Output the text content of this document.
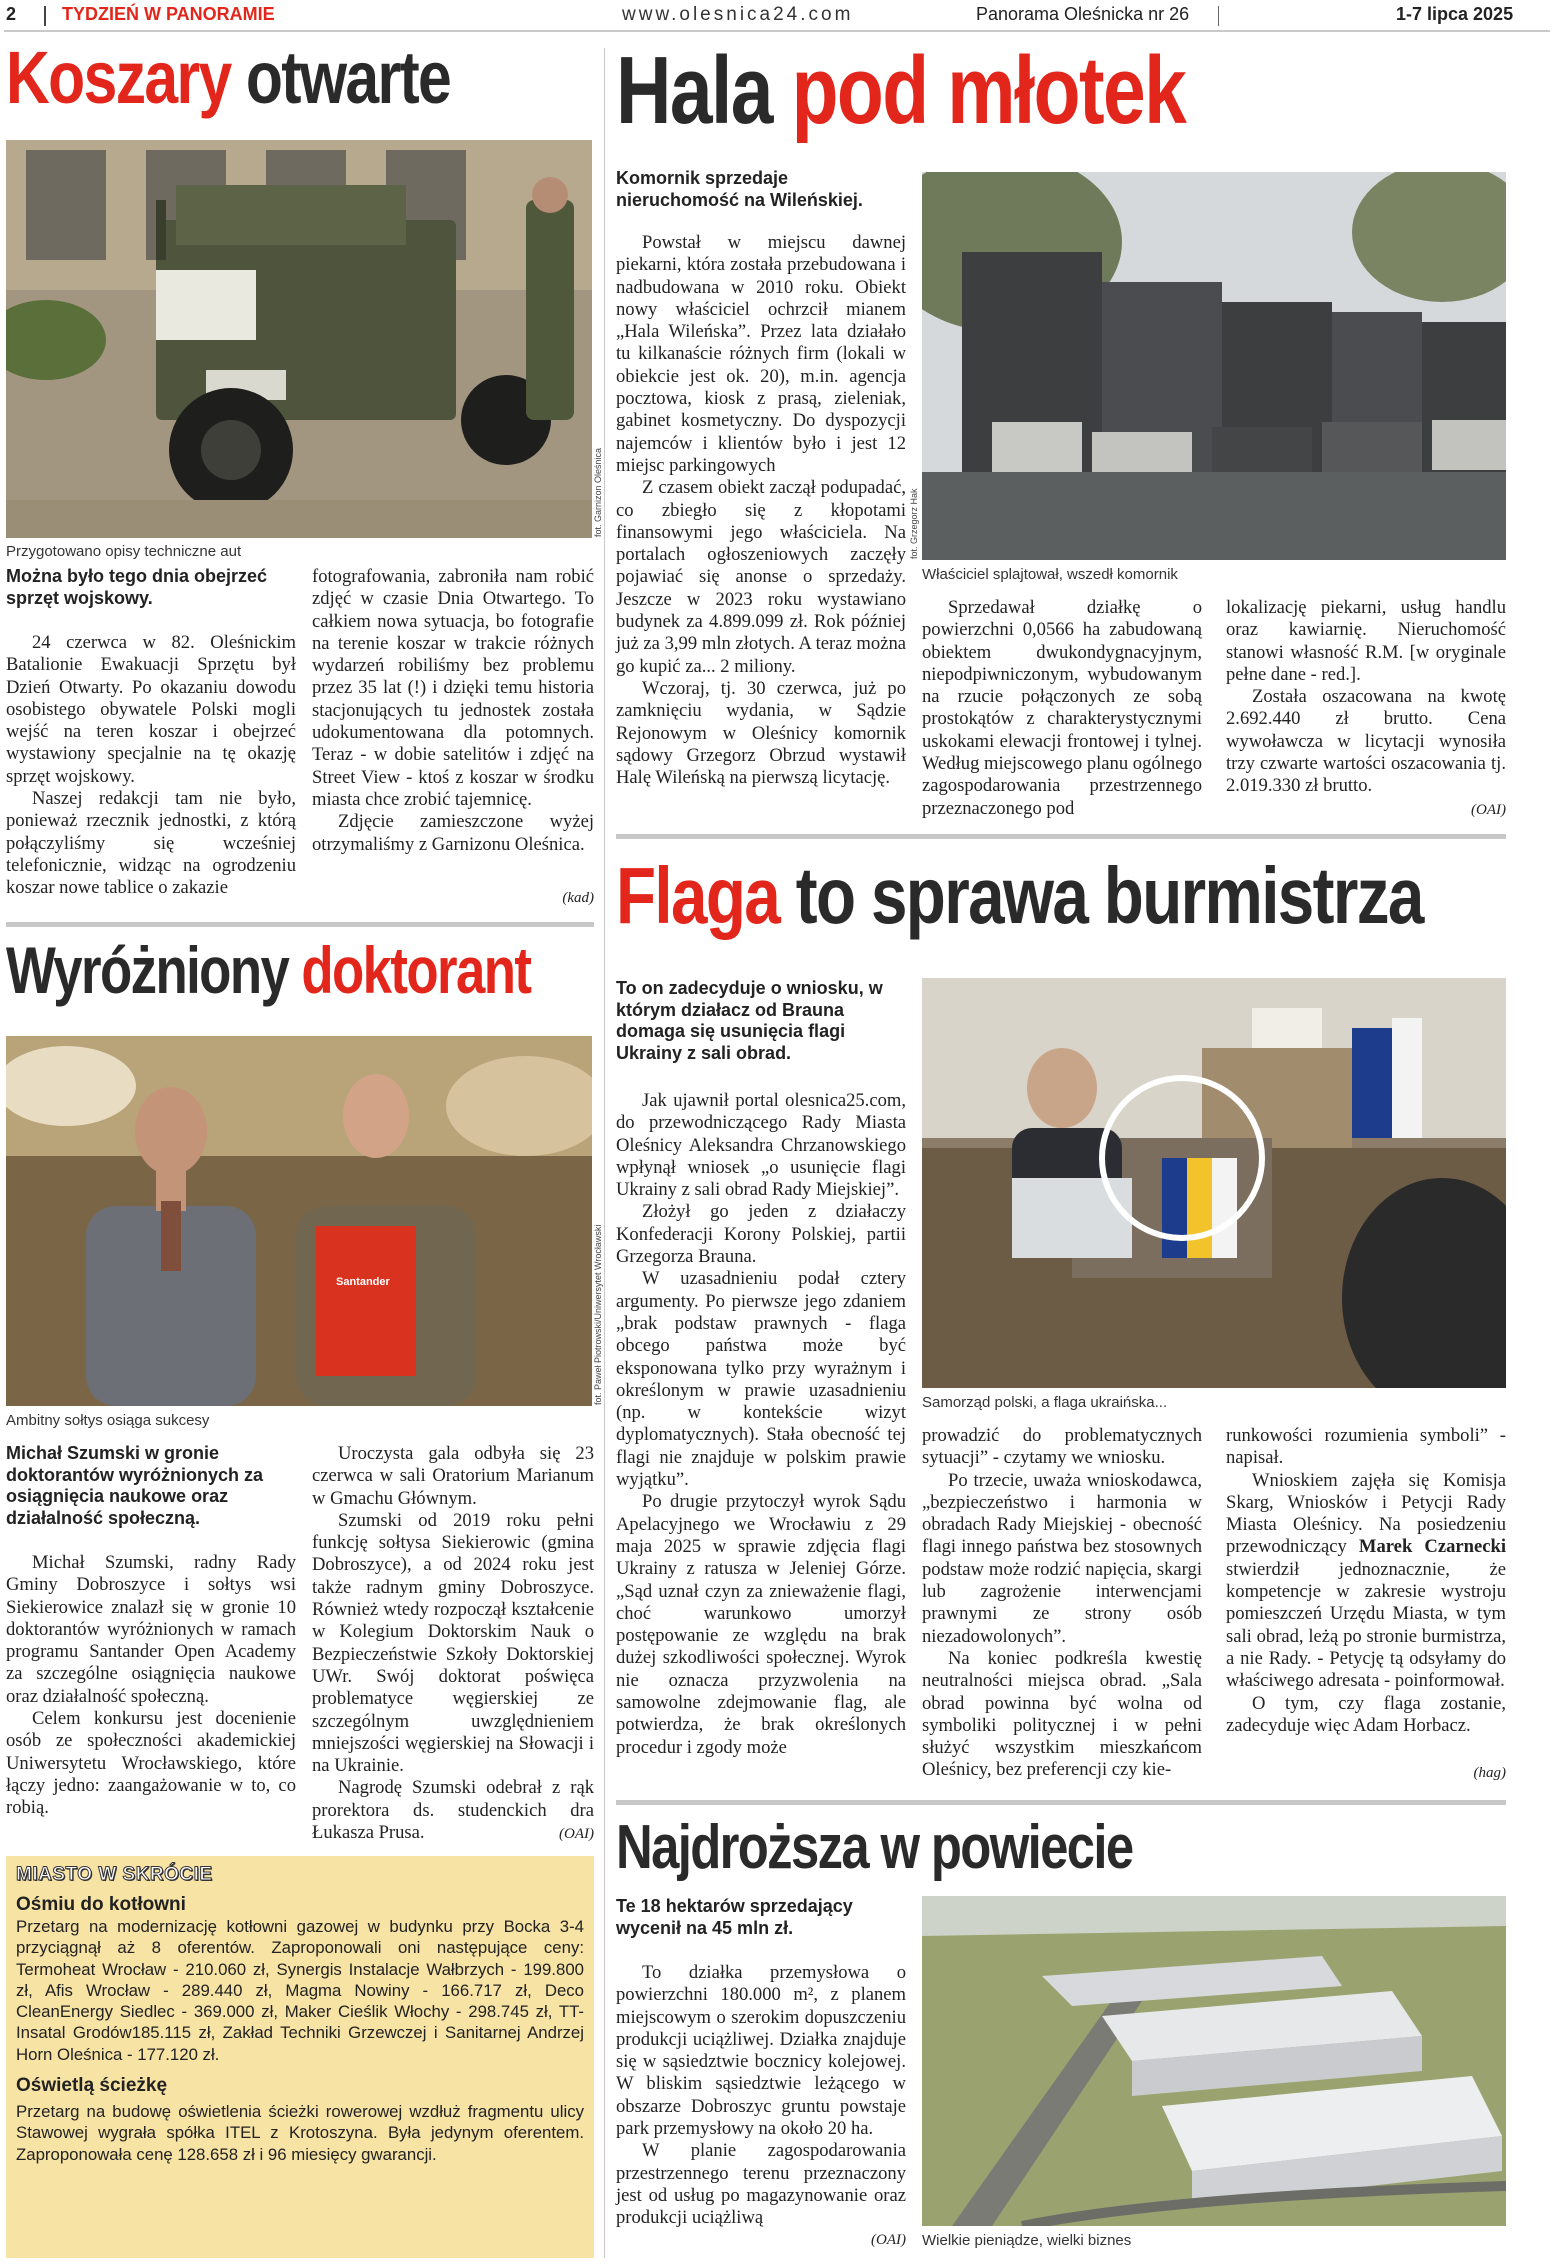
2	TYDZIEŃ W PANORAMIE	www.olesnica24.com	Panorama Oleśnicka nr 26	1-7 lipca 2025
Koszary otwarte
fot. Garnizon Oleśnica
Przygotowano opisy techniczne aut
Można było tego dnia obejrzeć sprzęt wojskowy.

24 czerwca w 82. Oleśnickim Batalionie Ewakuacji Sprzętu był Dzień Otwarty. Po okazaniu dowodu osobistego obywatele Polski mogli wejść na teren koszar i obejrzeć wystawiony specjalnie na tę okazję sprzęt wojskowy.

Naszej redakcji tam nie było, ponieważ rzecznik jednostki, z którą połączyliśmy się wcześniej telefonicznie, widząc na ogrodzeniu koszar nowe tablice o zakazie

fotografowania, zabroniła nam robić zdjęć w czasie Dnia Otwartego. To całkiem nowa sytuacja, bo fotografie na terenie koszar w trakcie różnych wydarzeń robiliśmy bez problemu przez 35 lat (!) i dzięki temu historia stacjonujących tu jednostek została udokumentowana dla potomnych. Teraz - w dobie satelitów i zdjęć na Street View - ktoś z koszar w środku miasta chce zrobić tajemnicę.

Zdjęcie zamieszczone wyżej otrzymaliśmy z Garnizonu Oleśnica.

(kad)
Wyróżniony doktorant
Santander	fot. Paweł Piotrowski/Uniwersytet Wrocławski
Ambitny sołtys osiąga sukcesy
Michał Szumski w gronie doktorantów wyróżnionych za osiągnięcia naukowe oraz działalność społeczną.

Michał Szumski, radny Rady Gminy Dobroszyce i sołtys wsi Siekierowice znalazł się w gronie 10 doktorantów wyróżnionych w ramach programu Santander Open Academy za szczególne osiągnięcia naukowe oraz działalność społeczną.

Celem konkursu jest docenienie osób ze społeczności akademickiej Uniwersytetu Wrocławskiego, które łączy jedno: zaangażowanie w to, co robią.

Uroczysta gala odbyła się 23 czerwca w sali Oratorium Marianum w Gmachu Głównym.

Szumski od 2019 roku pełni funkcję sołtysa Siekierowic (gmina Dobroszyce), a od 2024 roku jest także radnym gminy Dobroszyce. Również wtedy rozpoczął kształcenie w Kolegium Doktorskim Nauk o Bezpieczeństwie Szkoły Doktorskiej UWr. Swój doktorat poświęca problematyce węgierskiej ze szczególnym uwzględnieniem mniejszości węgierskiej na Słowacji i na Ukrainie.

Nagrodę Szumski odebrał z rąk prorektora ds. studenckich dra Łukasza Prusa.	(OAI)
MIASTO W SKRÓCIE
Ośmiu do kotłowni
Przetarg na modernizację kotłowni gazowej w budynku przy Bocka 3-4 przyciągnął aż 8 oferentów. Zaproponowali oni następujące ceny: Termoheat Wrocław - 210.060 zł, Synergis Instalacje Wałbrzych - 199.800 zł, Afis Wrocław - 289.440 zł, Magma Nowiny - 166.717 zł, Deco CleanEnergy Siedlec - 369.000 zł, Maker Cieślik Włochy - 298.745 zł, TT-Insatal Grodów185.115 zł, Zakład Techniki Grzewczej i Sanitarnej Andrzej Horn Oleśnica - 177.120 zł.
Oświetlą ścieżkę
Przetarg na budowę oświetlenia ścieżki rowerowej wzdłuż fragmentu ulicy Stawowej wygrała spółka ITEL z Krotoszyna. Była jedynym oferentem. Zaproponowała cenę 128.658 zł i 96 miesięcy gwarancji.
Hala pod młotek
Komornik sprzedaje nieruchomość na Wileńskiej.

Powstał w miejscu dawnej piekarni, która została przebudowana i nadbudowana w 2010 roku. Obiekt nowy właściciel ochrzcił mianem „Hala Wileńska”. Przez lata działało tu kilkanaście różnych firm (lokali w obiekcie jest ok. 20), m.in. agencja pocztowa, kiosk z prasą, zieleniak, gabinet kosmetyczny. Do dyspozycji najemców i klientów było i jest 12 miejsc parkingowych

Z czasem obiekt zaczął podupadać, co zbiegło się z kłopotami finansowymi jego właściciela. Na portalach ogłoszeniowych zaczęły pojawiać się anonse o sprzedaży. Jeszcze w 2023 roku wystawiano budynek za 4.899.099 zł. Rok później już za 3,99 mln złotych. A teraz można go kupić za... 2 miliony.

Wczoraj, tj. 30 czerwca, już po zamknięciu wydania, w Sądzie Rejonowym w Oleśnicy komornik sądowy Grzegorz Obrzud wystawił Halę Wileńską na pierwszą licytację.

fot. Grzegorz Hak
Właściciel splajtował, wszedł komornik

Sprzedawał działkę o powierzchni 0,0566 ha zabudowaną obiektem dwukondygnacyjnym, niepodpiwniczonym, wybudowanym na rzucie połączonych ze sobą prostokątów z charakterystycznymi uskokami elewacji frontowej i tylnej. Według miejscowego planu ogólnego zagospodarowania przestrzennego przeznaczonego pod

lokalizację piekarni, usług handlu oraz kawiarnię. Nieruchomość stanowi własność R.M. [w oryginale pełne dane - red.].

Została oszacowana na kwotę 2.692.440 zł brutto. Cena wywoławcza w licytacji wynosiła trzy czwarte wartości oszacowania tj. 2.019.330 zł brutto.

(OAI)
Flaga to sprawa burmistrza
To on zadecyduje o wniosku, w którym działacz od Brauna domaga się usunięcia flagi Ukrainy z sali obrad.

Jak ujawnił portal olesnica25.com, do przewodniczącego Rady Miasta Oleśnicy Aleksandra Chrzanowskiego wpłynął wniosek „o usunięcie flagi Ukrainy z sali obrad Rady Miejskiej”.

Złożył go jeden z działaczy Konfederacji Korony Polskiej, partii Grzegorza Brauna.

W uzasadnieniu podał cztery argumenty. Po pierwsze jego zdaniem „brak podstaw prawnych - flaga obcego państwa może być eksponowana tylko przy wyrażnym i określonym w prawie uzasadnieniu (np. w kontekście wizyt dyplomatycznych). Stała obecność tej flagi nie znajduje w polskim prawie wyjątku”.

Po drugie przytoczył wyrok Sądu Apelacyjnego we Wrocławiu z 29 maja 2025 w sprawie zdjęcia flagi Ukrainy z ratusza w Jeleniej Górze. „Sąd uznał czyn za znieważenie flagi, choć warunkowo umorzył postępowanie ze względu na brak dużej szkodliwości społecznej. Wyrok nie oznacza przyzwolenia na samowolne zdejmowanie flag, ale potwierdza, że brak określonych procedur i zgody może

Samorząd polski, a flaga ukraińska...

prowadzić do problematycznych sytuacji” - czytamy we wniosku.

Po trzecie, uważa wnioskodawca, „bezpieczeństwo i harmonia w obradach Rady Miejskiej - obecność flagi innego państwa bez stosownych podstaw może rodzić napięcia, skargi lub zagrożenie interwencjami prawnymi ze strony osób niezadowolonych”.

Na koniec podkreśla kwestię neutralności miejsca obrad. „Sala obrad powinna być wolna od symboliki politycznej i w pełni służyć wszystkim mieszkańcom Oleśnicy, bez preferencji czy kie-

runkowości rozumienia symboli” - napisał.

Wnioskiem zajęła się Komisja Skarg, Wniosków i Petycji Rady Miasta Oleśnicy. Na posiedzeniu przewodniczący Marek Czarnecki stwierdził jednoznacznie, że kompetencje w zakresie wystroju pomieszczeń Urzędu Miasta, w tym sali obrad, leżą po stronie burmistrza, a nie Rady. - Petycję tą odsyłamy do właściwego adresata - poinformował.

O tym, czy flaga zostanie, zadecyduje więc Adam Horbacz.

(hag)
Najdroższa w powiecie
Te 18 hektarów sprzedający wycenił na 45 mln zł.

To działka przemysłowa o powierzchni 180.000 m², z planem miejscowym o szerokim dopuszczeniu produkcji uciążliwej. Działka znajduje się w sąsiedztwie bocznicy kolejowej. W bliskim sąsiedztwie leżącego w obszarze Dobroszyc gruntu powstaje park przemysłowy na około 20 ha.

W planie zagospodarowania przestrzennego terenu przeznaczony jest od usług po magazynowanie oraz produkcji uciążliwą

(OAI) Wielkie pieniądze, wielki biznes
